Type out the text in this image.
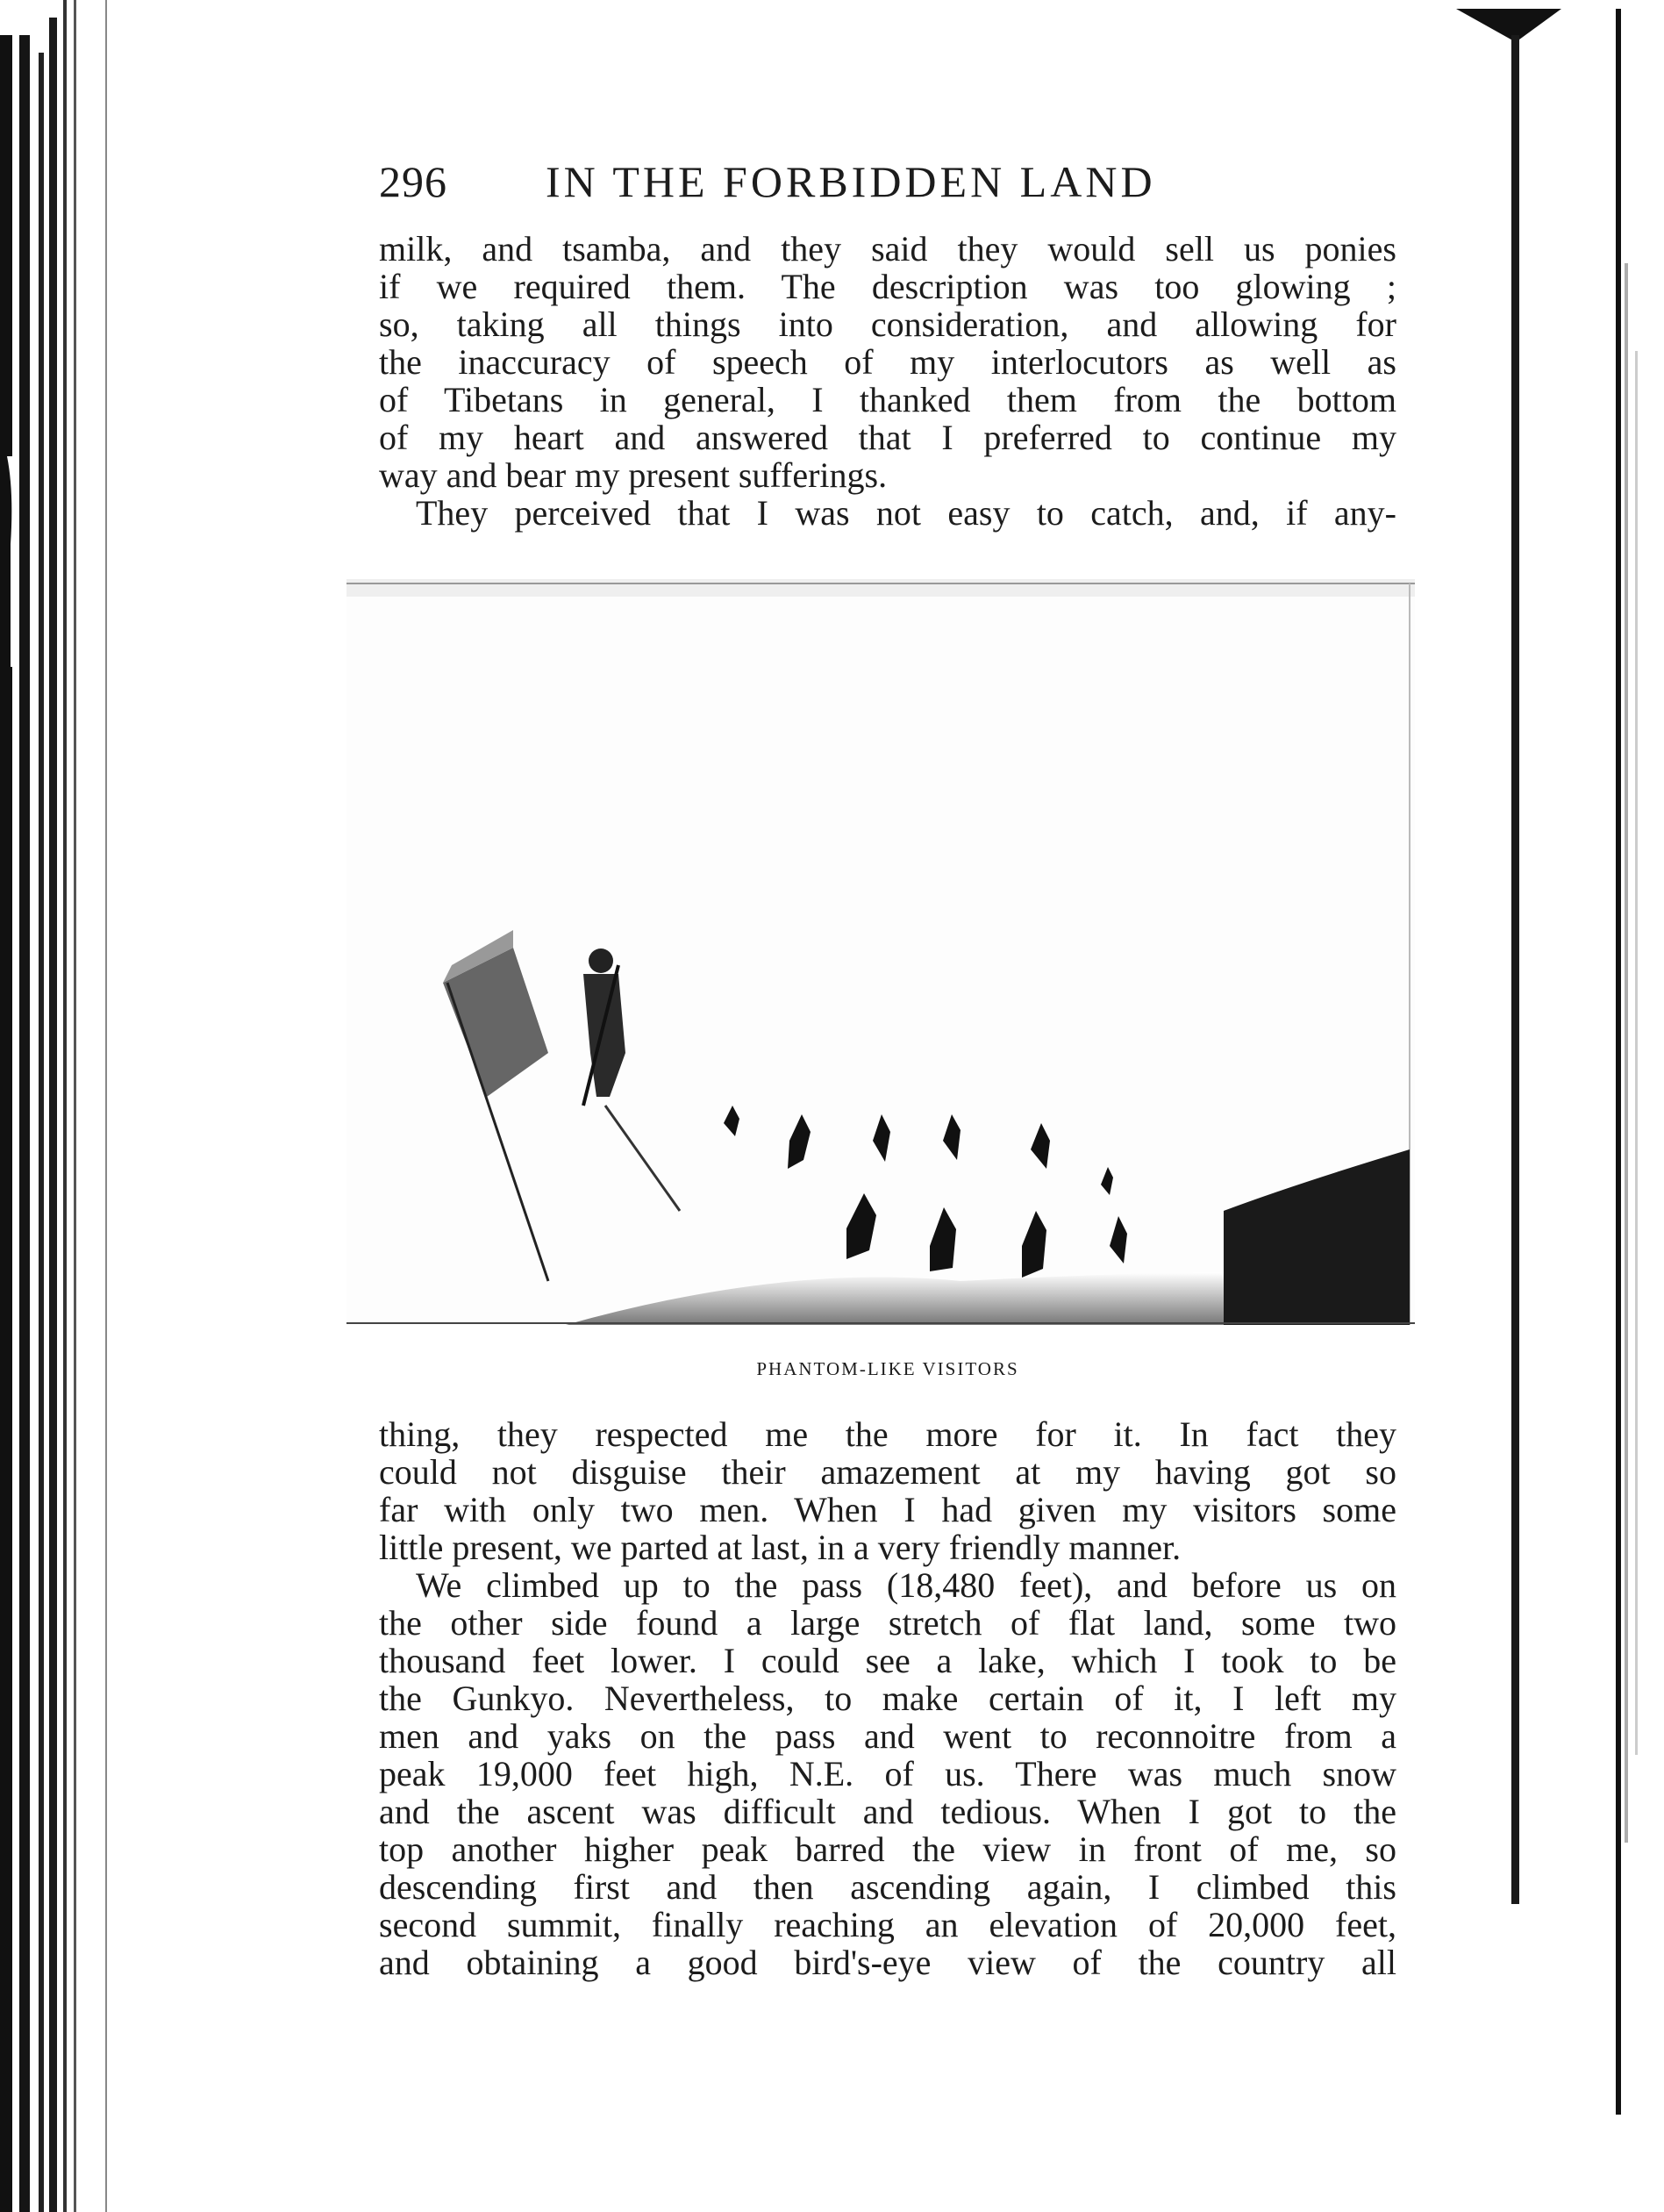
296 IN THE FORBIDDEN LAND
milk, and tsamba, and they said they would sell us ponies
if we required them. The description was too glowing ;
so, taking all things into consideration, and allowing for
the inaccuracy of speech of my interlocutors as well as
of Tibetans in general, I thanked them from the bottom
of my heart and answered that I preferred to continue my
way and bear my present sufferings.
They perceived that I was not easy to catch, and, if any-
PHANTOM-LIKE VISITORS
thing, they respected me the more for it. In fact they
could not disguise their amazement at my having got so
far with only two men. When I had given my visitors some
little present, we parted at last, in a very friendly manner.
We climbed up to the pass (18,480 feet), and before us on
the other side found a large stretch of flat land, some two
thousand feet lower. I could see a lake, which I took to be
the Gunkyo. Nevertheless, to make certain of it, I left my
men and yaks on the pass and went to reconnoitre from a
peak 19,000 feet high, N.E. of us. There was much snow
and the ascent was difficult and tedious. When I got to the
top another higher peak barred the view in front of me, so
descending first and then ascending again, I climbed this
second summit, finally reaching an elevation of 20,000 feet,
and obtaining a good bird's-eye view of the country all
